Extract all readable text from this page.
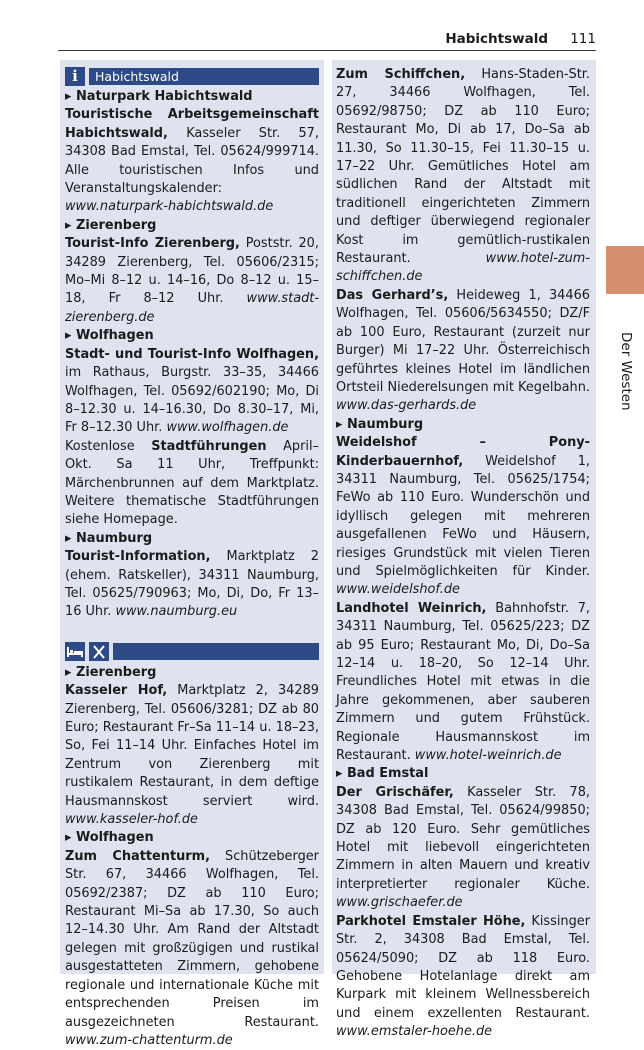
Habichtswald 111
i	Habichtswald

▸ Naturpark Habichtswald

Touristische Arbeitsgemeinschaft Habichtswald, Kasseler Str. 57, 34308 Bad Emstal, Tel. 05624/999714. Alle touristischen Infos und Veranstaltungskalender: www.naturpark-habichtswald.de

▸ Zierenberg

Tourist-Info Zierenberg, Poststr. 20, 34289 Zierenberg, Tel. 05606/2315; Mo–Mi 8–12 u. 14–16, Do 8–12 u. 15–18, Fr 8–12 Uhr. www.stadt-zierenberg.de

▸ Wolfhagen

Stadt- und Tourist-Info Wolfhagen, im Rathaus, Burgstr. 33–35, 34466 Wolfhagen, Tel. 05692/602190; Mo, Di 8–12.30 u. 14–16.30, Do 8.30–17, Mi, Fr 8–12.30 Uhr. www.wolfhagen.de

Kostenlose Stadtführungen April–Okt. Sa 11 Uhr, Treffpunkt: Märchenbrunnen auf dem Marktplatz. Weitere thematische Stadtführungen siehe Homepage.

▸ Naumburg

Tourist-Information, Marktplatz 2 (ehem. Ratskeller), 34311 Naumburg, Tel. 05625/790963; Mo, Di, Do, Fr 13–16 Uhr. www.naumburg.eu

▸ Zierenberg

Kasseler Hof, Marktplatz 2, 34289 Zierenberg, Tel. 05606/3281; DZ ab 80 Euro; Restaurant Fr–Sa 11–14 u. 18–23, So, Fei 11–14 Uhr. Einfaches Hotel im Zentrum von Zierenberg mit rustikalem Restaurant, in dem deftige Hausmannskost serviert wird. www.kasseler-hof.de

▸ Wolfhagen

Zum Chattenturm, Schützeberger Str. 67, 34466 Wolfhagen, Tel. 05692/2387; DZ ab 110 Euro; Restaurant Mi–Sa ab 17.30, So auch 12–14.30 Uhr. Am Rand der Altstadt gelegen mit großzügigen und rustikal ausgestatteten Zimmern, gehobene regionale und internationale Küche mit entsprechenden Preisen im ausgezeichneten Restaurant. www.zum-chattenturm.de

Zum Schiffchen, Hans-Staden-Str. 27, 34466 Wolfhagen, Tel. 05692/98750; DZ ab 110 Euro; Restaurant Mo, Di ab 17, Do–Sa ab 11.30, So 11.30–15, Fei 11.30–15 u. 17–22 Uhr. Gemütliches Hotel am südlichen Rand der Altstadt mit traditionell eingerichteten Zimmern und deftiger überwiegend regionaler Kost im gemütlich-rustikalen Restaurant.	www.hotel-zum-schiffchen.de

Das Gerhard’s, Heideweg 1, 34466 Wolfhagen, Tel. 05606/5634550; DZ/F ab 100 Euro, Restaurant (zurzeit nur Burger) Mi 17–22 Uhr. Österreichisch geführtes kleines Hotel im ländlichen Ortsteil Niederelsungen mit Kegelbahn. www.das-gerhards.de

▸ Naumburg

Weidelshof – Pony-Kinderbauernhof, Weidelshof 1, 34311 Naumburg, Tel. 05625/1754; FeWo ab 110 Euro. Wunderschön und idyllisch gelegen mit mehreren ausgefallenen FeWo und Häusern, riesiges Grundstück mit vielen Tieren und Spielmöglichkeiten für Kinder. www.weidelshof.de

Landhotel Weinrich, Bahnhofstr. 7, 34311 Naumburg, Tel. 05625/223; DZ ab 95 Euro; Restaurant Mo, Di, Do–Sa 12–14 u. 18–20, So 12–14 Uhr. Freundliches Hotel mit etwas in die Jahre gekommenen, aber sauberen Zimmern und gutem Frühstück. Regionale Hausmannskost im Restaurant. www.hotel-weinrich.de

▸ Bad Emstal

Der Grischäfer, Kasseler Str. 78, 34308 Bad Emstal, Tel. 05624/99850; DZ ab 120 Euro. Sehr gemütliches Hotel mit liebevoll eingerichteten Zimmern in alten Mauern und kreativ interpretierter regionaler Küche. www.grischaefer.de

Parkhotel Emstaler Höhe, Kissinger Str. 2, 34308 Bad Emstal, Tel. 05624/5090; DZ ab 118 Euro. Gehobene Hotelanlage direkt am Kurpark mit kleinem Wellnessbereich und einem exzellenten Restaurant. www.emstaler-hoehe.de

Der Westen
